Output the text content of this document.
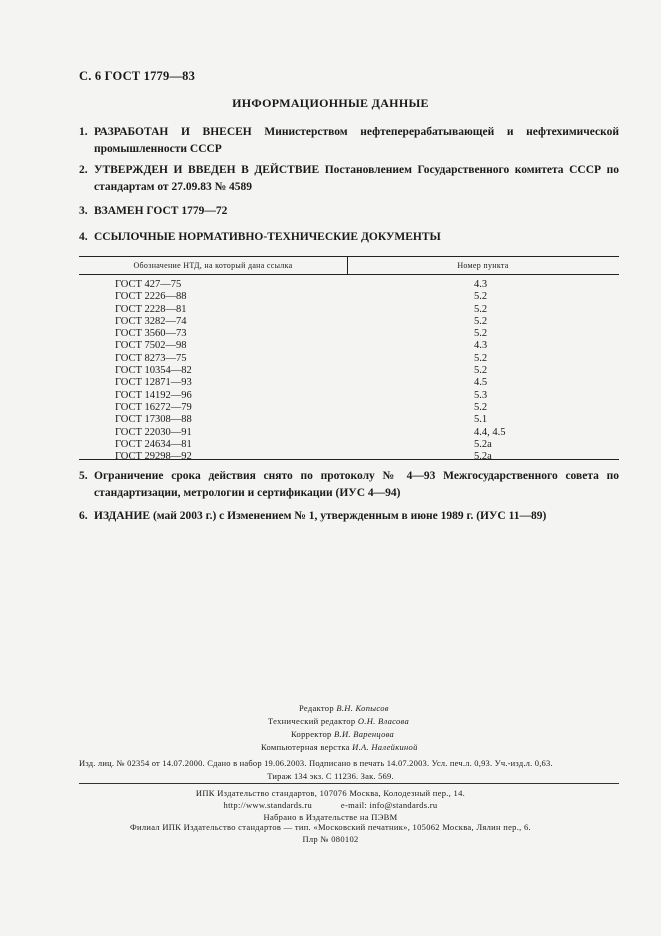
С. 6 ГОСТ 1779—83
ИНФОРМАЦИОННЫЕ ДАННЫЕ
1. РАЗРАБОТАН И ВНЕСЕН Министерством нефтеперерабатывающей и нефтехимической промышленности СССР
2. УТВЕРЖДЕН И ВВЕДЕН В ДЕЙСТВИЕ Постановлением Государственного комитета СССР по стандартам от 27.09.83 № 4589
3. ВЗАМЕН ГОСТ 1779—72
4. ССЫЛОЧНЫЕ НОРМАТИВНО-ТЕХНИЧЕСКИЕ ДОКУМЕНТЫ
Обозначение НТД, на который дана ссылка	Номер пункта
ГОСТ 427—75	4.3
ГОСТ 2226—88	5.2
ГОСТ 2228—81	5.2
ГОСТ 3282—74	5.2
ГОСТ 3560—73	5.2
ГОСТ 7502—98	4.3
ГОСТ 8273—75	5.2
ГОСТ 10354—82	5.2
ГОСТ 12871—93	4.5
ГОСТ 14192—96	5.3
ГОСТ 16272—79	5.2
ГОСТ 17308—88	5.1
ГОСТ 22030—91	4.4, 4.5
ГОСТ 24634—81	5.2а
ГОСТ 29298—92	5.2а
5. Ограничение срока действия снято по протоколу № 4—93 Межгосударственного совета по стандартизации, метрологии и сертификации (ИУС 4—94)
6. ИЗДАНИЕ (май 2003 г.) с Изменением № 1, утвержденным в июне 1989 г. (ИУС 11—89)
Редактор В.Н. Копысов
Технический редактор О.Н. Власова
Корректор В.И. Варенцова
Компьютерная верстка И.А. Налейкиной
Изд. лиц. № 02354 от 14.07.2000. Сдано в набор 19.06.2003. Подписано в печать 14.07.2003. Усл. печ.л. 0,93. Уч.-изд.л. 0,63.
Тираж 134 экз. С 11236. Зак. 569.
ИПК Издательство стандартов, 107076 Москва, Колодезный пер., 14.
http://www.standards.ru	e-mail: info@standards.ru
Набрано в Издательстве на ПЭВМ
Филиал ИПК Издательство стандартов — тип. «Московский печатник», 105062 Москва, Лялин пер., 6.
Плр № 080102
